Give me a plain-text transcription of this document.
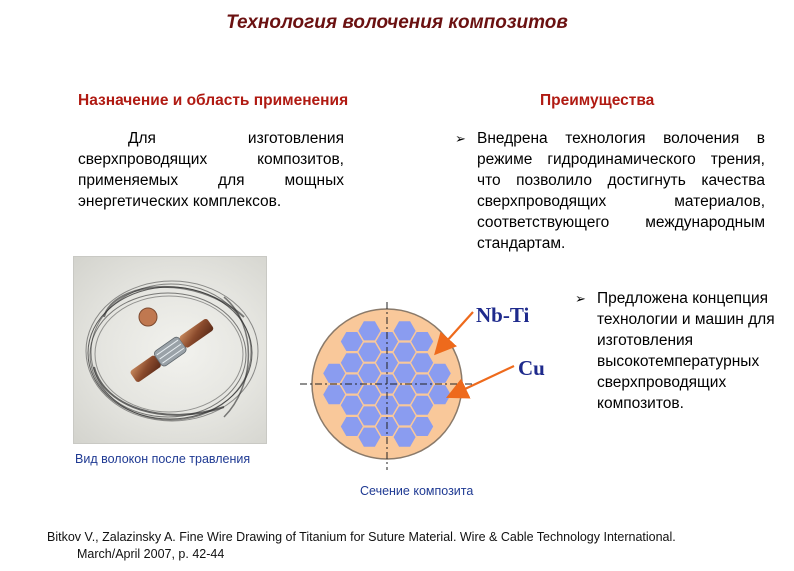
Технология волочения композитов
Назначение и область применения
Для изготовления сверхпроводящих композитов, применяемых для мощных энергетических комплексов.
Вид волокон после травления
Преимущества
➢ Внедрена технология волочения в режиме гидродинамического трения, что позволило достигнуть качества сверхпроводящих материалов, соответствующего международным стандартам.
➢ Предложена концепция технологии и машин для изготовления высокотемпературных сверхпроводящих композитов.
Nb-Ti
Cu
Сечение композита
Bitkov V., Zalazinsky A. Fine Wire Drawing of Titanium for Suture Material. Wire & Cable Technology International.
March/April 2007, p. 42-44
